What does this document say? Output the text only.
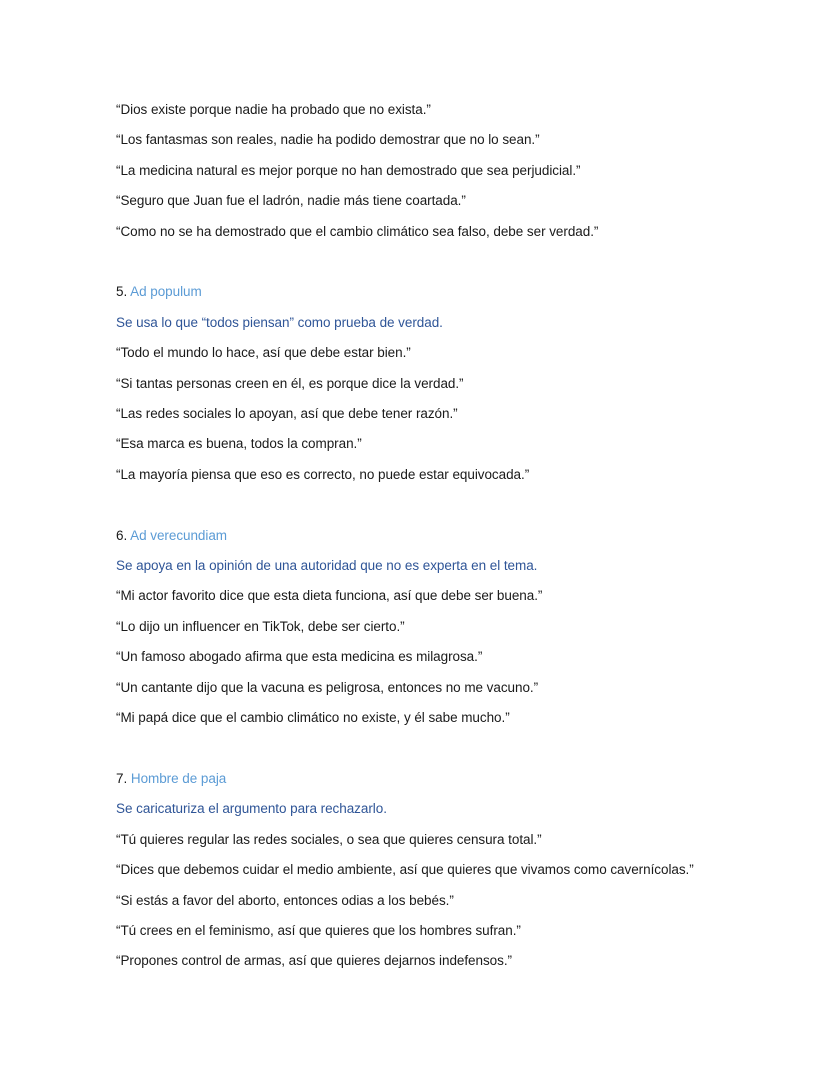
“Dios existe porque nadie ha probado que no exista.”
“Los fantasmas son reales, nadie ha podido demostrar que no lo sean.”
“La medicina natural es mejor porque no han demostrado que sea perjudicial.”
“Seguro que Juan fue el ladrón, nadie más tiene coartada.”
“Como no se ha demostrado que el cambio climático sea falso, debe ser verdad.”
5. Ad populum
Se usa lo que “todos piensan” como prueba de verdad.
“Todo el mundo lo hace, así que debe estar bien.”
“Si tantas personas creen en él, es porque dice la verdad.”
“Las redes sociales lo apoyan, así que debe tener razón.”
“Esa marca es buena, todos la compran.”
“La mayoría piensa que eso es correcto, no puede estar equivocada.”
6. Ad verecundiam
Se apoya en la opinión de una autoridad que no es experta en el tema.
“Mi actor favorito dice que esta dieta funciona, así que debe ser buena.”
“Lo dijo un influencer en TikTok, debe ser cierto.”
“Un famoso abogado afirma que esta medicina es milagrosa.”
“Un cantante dijo que la vacuna es peligrosa, entonces no me vacuno.”
“Mi papá dice que el cambio climático no existe, y él sabe mucho.”
7. Hombre de paja
Se caricaturiza el argumento para rechazarlo.
“Tú quieres regular las redes sociales, o sea que quieres censura total.”
“Dices que debemos cuidar el medio ambiente, así que quieres que vivamos como cavernícolas.”
“Si estás a favor del aborto, entonces odias a los bebés.”
“Tú crees en el feminismo, así que quieres que los hombres sufran.”
“Propones control de armas, así que quieres dejarnos indefensos.”
